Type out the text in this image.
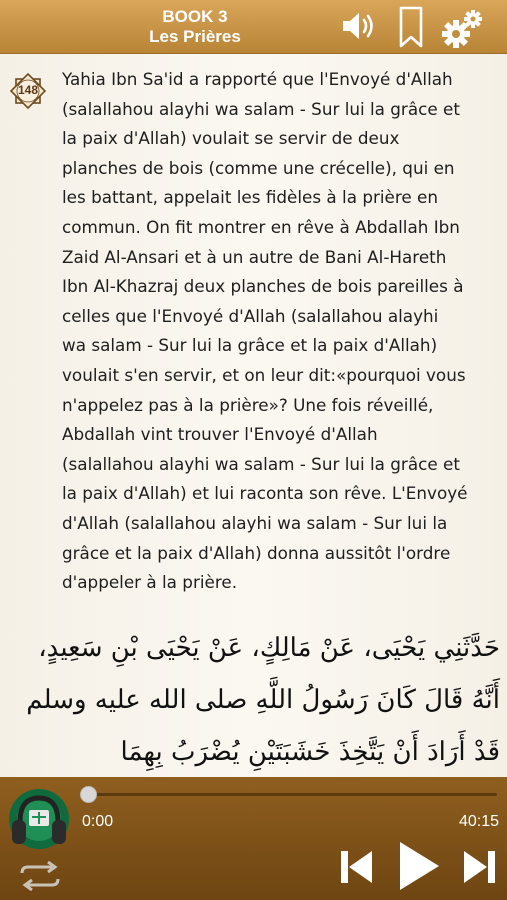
BOOK 3
Les Prières
148
Yahia Ibn Sa'id a rapporté que l'Envoyé d'Allah
(salallahou alayhi wa salam - Sur lui la grâce et
la paix d'Allah) voulait se servir de deux
planches de bois (comme une crécelle), qui en
les battant, appelait les fidèles à la prière en
commun. On fit montrer en rêve à Abdallah Ibn
Zaid Al-Ansari et à un autre de Bani Al-Hareth
Ibn Al-Khazraj deux planches de bois pareilles à
celles que l'Envoyé d'Allah (salallahou alayhi
wa salam - Sur lui la grâce et la paix d'Allah)
voulait s'en servir, et on leur dit:«pourquoi vous
n'appelez pas à la prière»? Une fois réveillé,
Abdallah vint trouver l'Envoyé d'Allah
(salallahou alayhi wa salam - Sur lui la grâce et
la paix d'Allah) et lui raconta son rêve. L'Envoyé
d'Allah (salallahou alayhi wa salam - Sur lui la
grâce et la paix d'Allah) donna aussitôt l'ordre
d'appeler à la prière.
حَدَّثَنِي يَحْيَى، عَنْ مَالِكٍ، عَنْ يَحْيَى بْنِ سَعِيدٍ،
أَنَّهُ قَالَ كَانَ رَسُولُ اللَّهِ صلى الله عليه وسلم
قَدْ أَرَادَ أَنْ يَتَّخِذَ خَشَبَتَيْنِ يُضْرَبُ بِهِمَا
0:00	40:15
